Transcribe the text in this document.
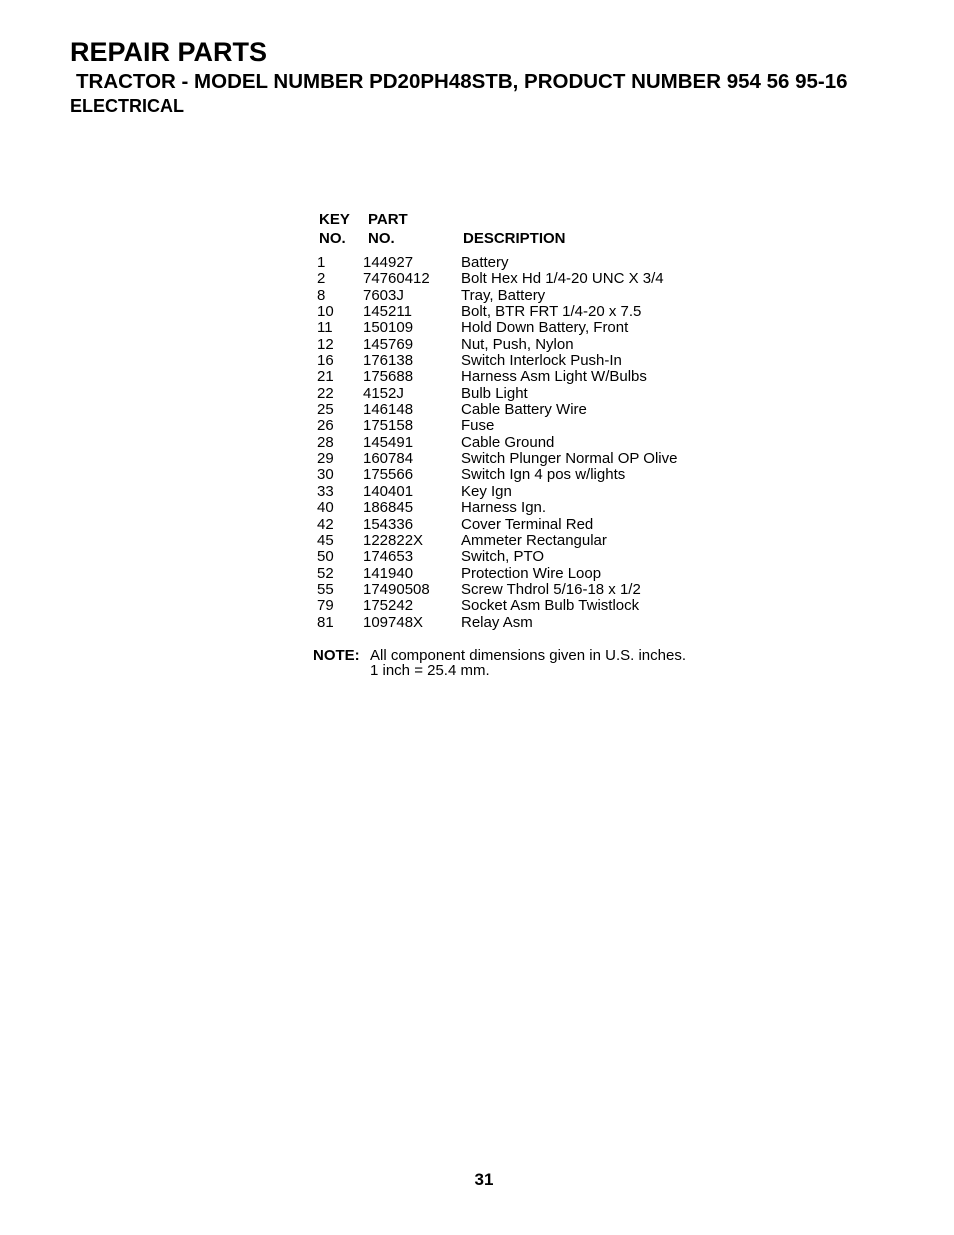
REPAIR PARTS
TRACTOR - MODEL NUMBER PD20PH48STB, PRODUCT NUMBER 954 56 95-16
ELECTRICAL
KEY
NO.
PART
NO.	DESCRIPTION
1	144927	Battery
2	74760412 Bolt Hex Hd 1/4-20 UNC X 3/4
8	7603J	Tray, Battery
10 145211	Bolt, BTR FRT 1/4-20 x 7.5
11 150109	Hold Down Battery, Front
12 145769	Nut, Push, Nylon
16 176138	Switch Interlock Push-In
21 175688	Harness Asm Light W/Bulbs
22 4152J	Bulb Light
25 146148	Cable Battery Wire
26 175158	Fuse
28 145491	Cable Ground
29 160784	Switch Plunger Normal OP Olive
30 175566	Switch Ign 4 pos w/lights
33 140401	Key Ign
40 186845	Harness Ign.
42 154336	Cover Terminal Red
45 122822X	Ammeter Rectangular
50 174653	Switch, PTO
52 141940	Protection Wire Loop
55 17490508 Screw Thdrol 5/16-18 x 1/2
79 175242	Socket Asm Bulb Twistlock
81 109748X	Relay Asm
NOTE: All component dimensions given in U.S. inches.
1 inch = 25.4 mm.
31
